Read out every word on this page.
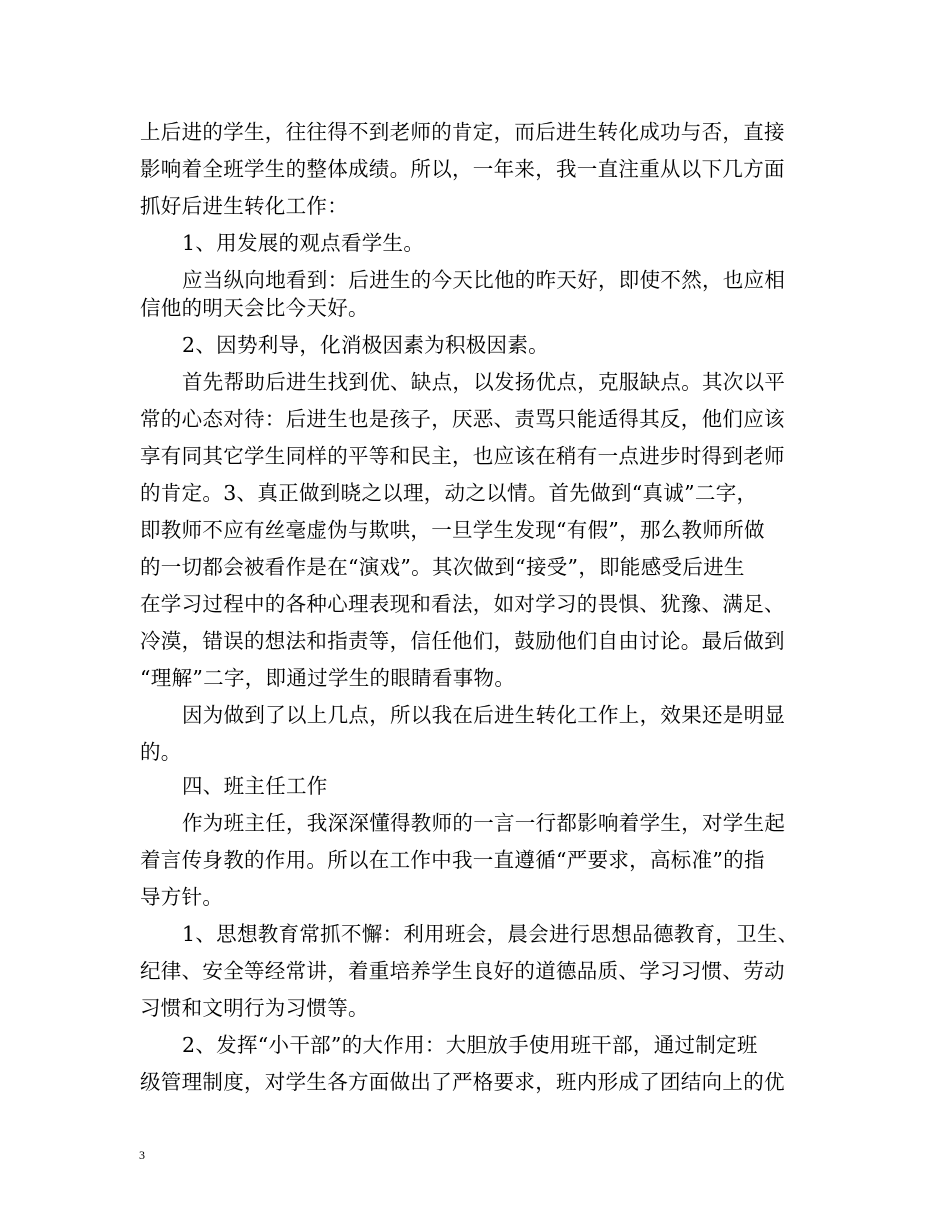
上后进的学生，往往得不到老师的肯定，而后进生转化成功与否，直接
影响着全班学生的整体成绩。所以，一年来，我一直注重从以下几方面
抓好后进生转化工作：
1、用发展的观点看学生。
应当纵向地看到：后进生的今天比他的昨天好，即使不然，也应相
信他的明天会比今天好。
2、因势利导，化消极因素为积极因素。
首先帮助后进生找到优、缺点，以发扬优点，克服缺点。其次以平
常的心态对待：后进生也是孩子，厌恶、责骂只能适得其反，他们应该
享有同其它学生同样的平等和民主，也应该在稍有一点进步时得到老师
的肯定。3、真正做到晓之以理，动之以情。首先做到“真诚”二字，
即教师不应有丝毫虚伪与欺哄，一旦学生发现“有假”，那么教师所做
的一切都会被看作是在“演戏”。其次做到“接受”，即能感受后进生
在学习过程中的各种心理表现和看法，如对学习的畏惧、犹豫、满足、
冷漠，错误的想法和指责等，信任他们，鼓励他们自由讨论。最后做到
“理解”二字，即通过学生的眼睛看事物。
因为做到了以上几点，所以我在后进生转化工作上，效果还是明显
的。
四、班主任工作
作为班主任，我深深懂得教师的一言一行都影响着学生，对学生起
着言传身教的作用。所以在工作中我一直遵循“严要求，高标准”的指
导方针。
1、思想教育常抓不懈：利用班会，晨会进行思想品德教育，卫生、
纪律、安全等经常讲，着重培养学生良好的道德品质、学习习惯、劳动
习惯和文明行为习惯等。
2、发挥“小干部”的大作用：大胆放手使用班干部，通过制定班
级管理制度，对学生各方面做出了严格要求，班内形成了团结向上的优
3
